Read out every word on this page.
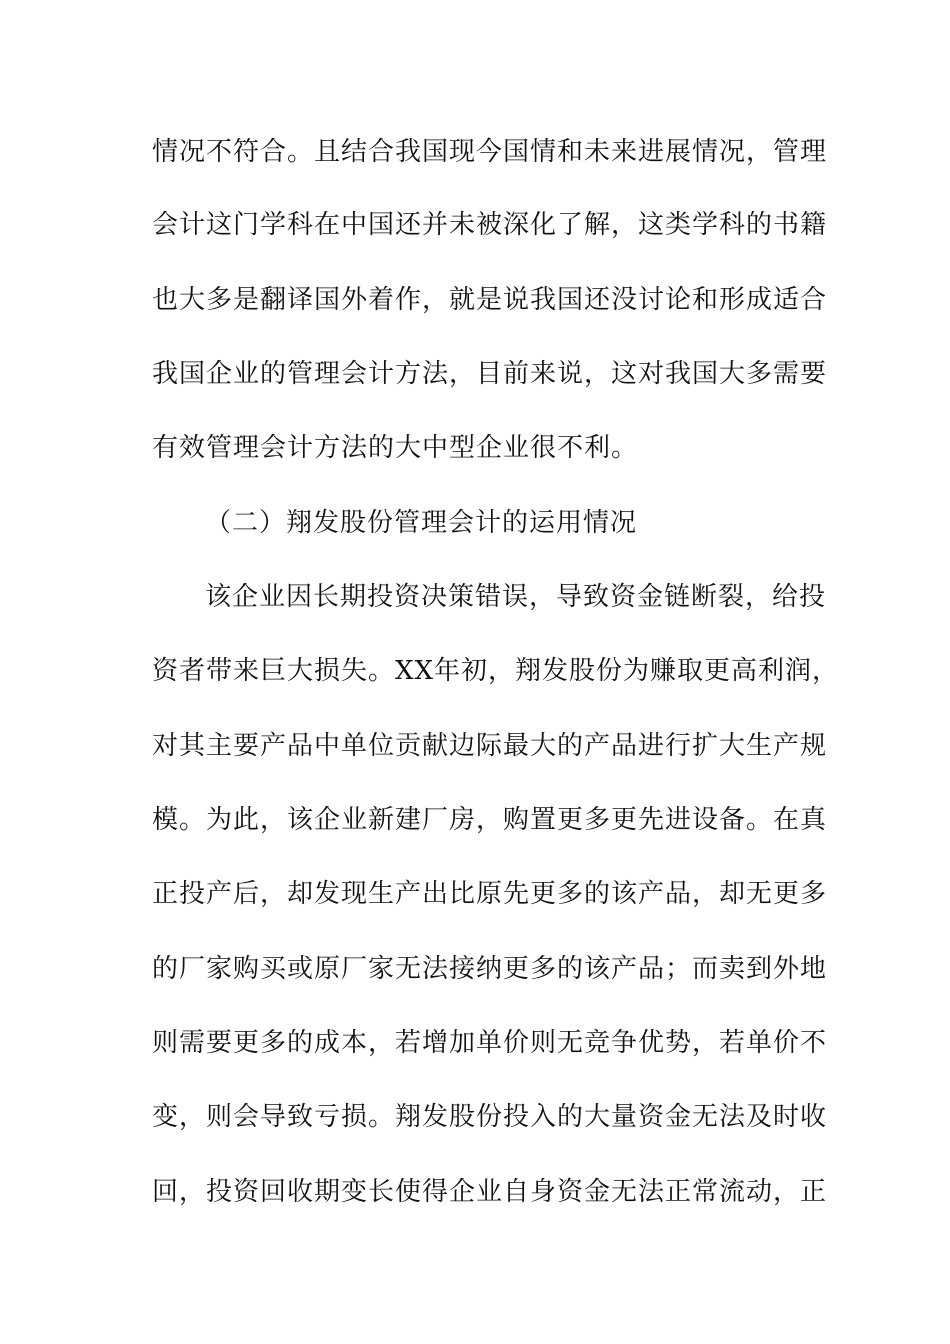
情况不符合。且结合我国现今国情和未来进展情况，管理
会计这门学科在中国还并未被深化了解，这类学科的书籍
也大多是翻译国外着作，就是说我国还没讨论和形成适合
我国企业的管理会计方法，目前来说，这对我国大多需要
有效管理会计方法的大中型企业很不利。
（二）翔发股份管理会计的运用情况
该企业因长期投资决策错误，导致资金链断裂，给投
资者带来巨大损失。XX年初，翔发股份为赚取更高利润，
对其主要产品中单位贡献边际最大的产品进行扩大生产规
模。为此，该企业新建厂房，购置更多更先进设备。在真
正投产后，却发现生产出比原先更多的该产品，却无更多
的厂家购买或原厂家无法接纳更多的该产品；而卖到外地
则需要更多的成本，若增加单价则无竞争优势，若单价不
变，则会导致亏损。翔发股份投入的大量资金无法及时收
回，投资回收期变长使得企业自身资金无法正常流动，正
